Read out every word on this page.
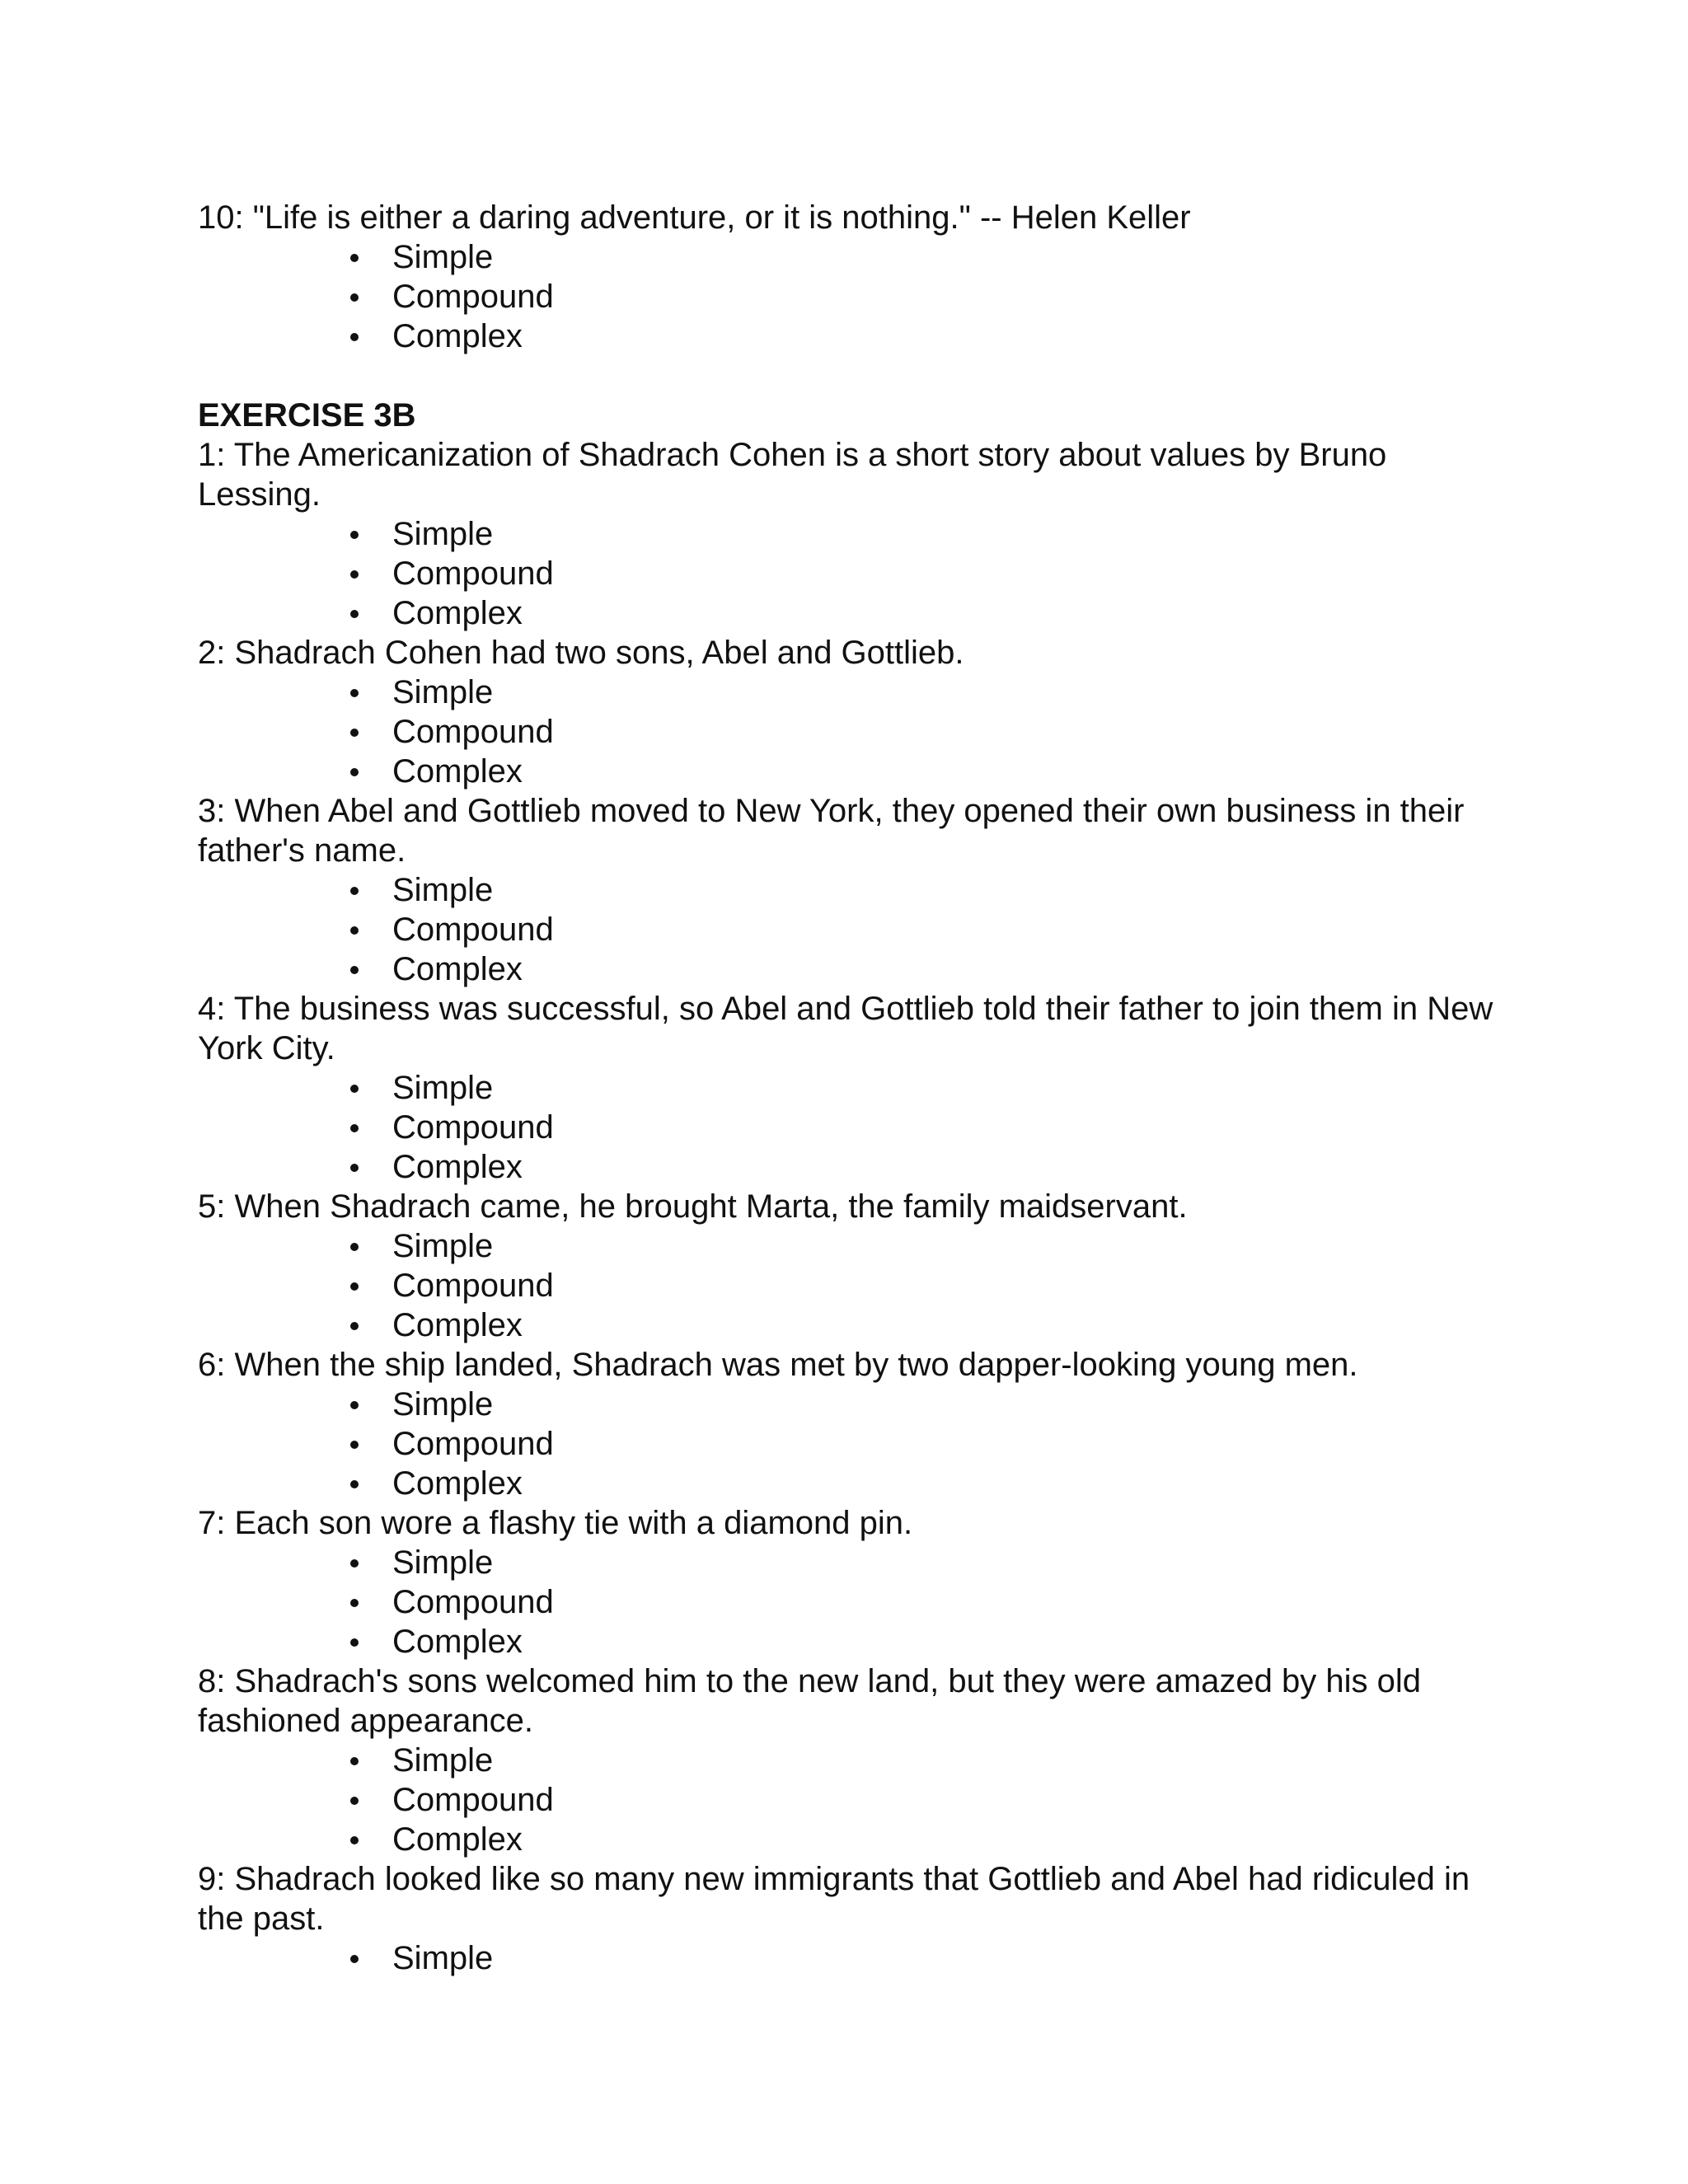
10: "Life is either a daring adventure, or it is nothing." -- Helen Keller

Simple
Compound
Complex
EXERCISE 3B

1: The Americanization of Shadrach Cohen is a short story about values by Bruno Lessing.

Simple
Compound
Complex

2: Shadrach Cohen had two sons, Abel and Gottlieb.

Simple
Compound
Complex

3: When Abel and Gottlieb moved to New York, they opened their own business in their father's name.

Simple
Compound
Complex

4: The business was successful, so Abel and Gottlieb told their father to join them in New York City.

Simple
Compound
Complex

5: When Shadrach came, he brought Marta, the family maidservant.

Simple
Compound
Complex

6: When the ship landed, Shadrach was met by two dapper-looking young men.

Simple
Compound
Complex

7: Each son wore a flashy tie with a diamond pin.

Simple
Compound
Complex

8: Shadrach's sons welcomed him to the new land, but they were amazed by his old fashioned appearance.

Simple
Compound
Complex

9: Shadrach looked like so many new immigrants that Gottlieb and Abel had ridiculed in the past.

Simple
